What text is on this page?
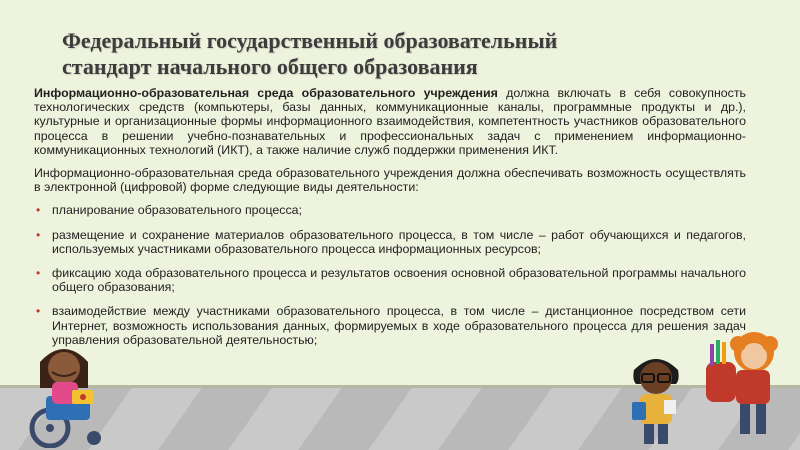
Федеральный государственный образовательный
стандарт начального общего образования

Информационно-образовательная среда образовательного учреждения должна включать в себя совокупность технологических средств (компьютеры, базы данных, коммуникационные каналы, программные продукты и др.), культурные и организационные формы информационного взаимодействия, компетентность участников образовательного процесса в решении учебно-познавательных и профессиональных задач с применением информационно-коммуникационных технологий (ИКТ), а также наличие служб поддержки применения ИКТ.

Информационно-образовательная среда образовательного учреждения должна обеспечивать возможность осуществлять в электронной (цифровой) форме следующие виды деятельности:

• планирование образовательного процесса;
• размещение и сохранение материалов образовательного процесса, в том числе – работ обучающихся и педагогов, используемых участниками образовательного процесса информационных ресурсов;
• фиксацию хода образовательного процесса и результатов освоения основной образовательной программы начального общего образования;
• взаимодействие между участниками образовательного процесса, в том числе – дистанционное посредством сети Интернет, возможность использования данных, формируемых в ходе образовательного процесса для решения задач управления образовательной деятельностью;
